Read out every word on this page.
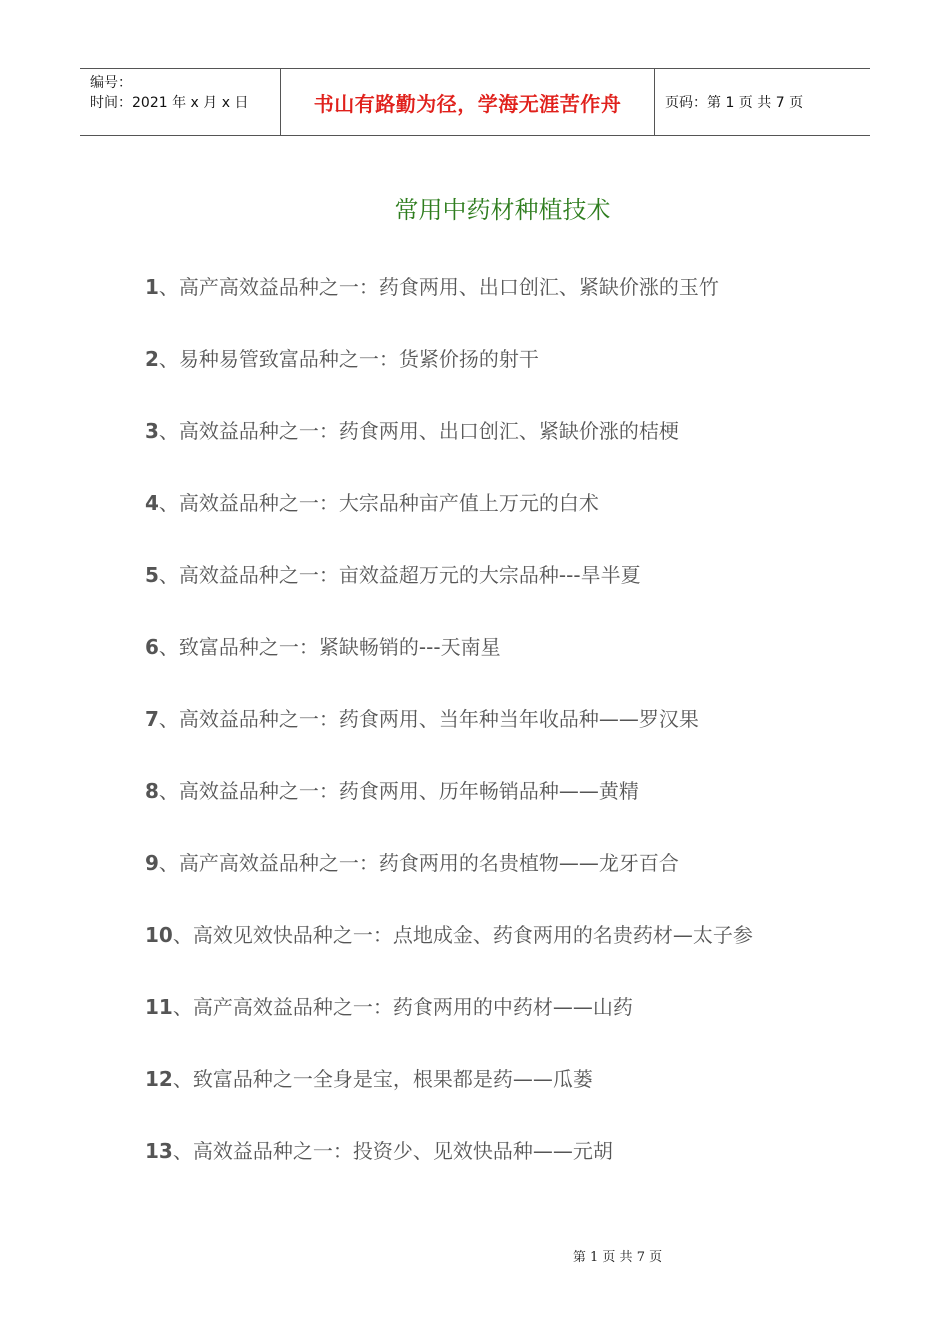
编号：
时间：2021 年 x 月 x 日	书山有路勤为径，学海无涯苦作舟	页码：第 1 页 共 7 页
常用中药材种植技术
1、高产高效益品种之一：药食两用、出口创汇、紧缺价涨的玉竹
2、易种易管致富品种之一：货紧价扬的射干
3、高效益品种之一：药食两用、出口创汇、紧缺价涨的桔梗
4、高效益品种之一：大宗品种亩产值上万元的白术
5、高效益品种之一：亩效益超万元的大宗品种---旱半夏
6、致富品种之一：紧缺畅销的---天南星
7、高效益品种之一：药食两用、当年种当年收品种——罗汉果
8、高效益品种之一：药食两用、历年畅销品种——黄精
9、高产高效益品种之一：药食两用的名贵植物——龙牙百合
10、高效见效快品种之一：点地成金、药食两用的名贵药材—太子参
11、高产高效益品种之一：药食两用的中药材——山药
12、致富品种之一全身是宝，根果都是药——瓜蒌
13、高效益品种之一：投资少、见效快品种——元胡
第 1 页 共 7 页
